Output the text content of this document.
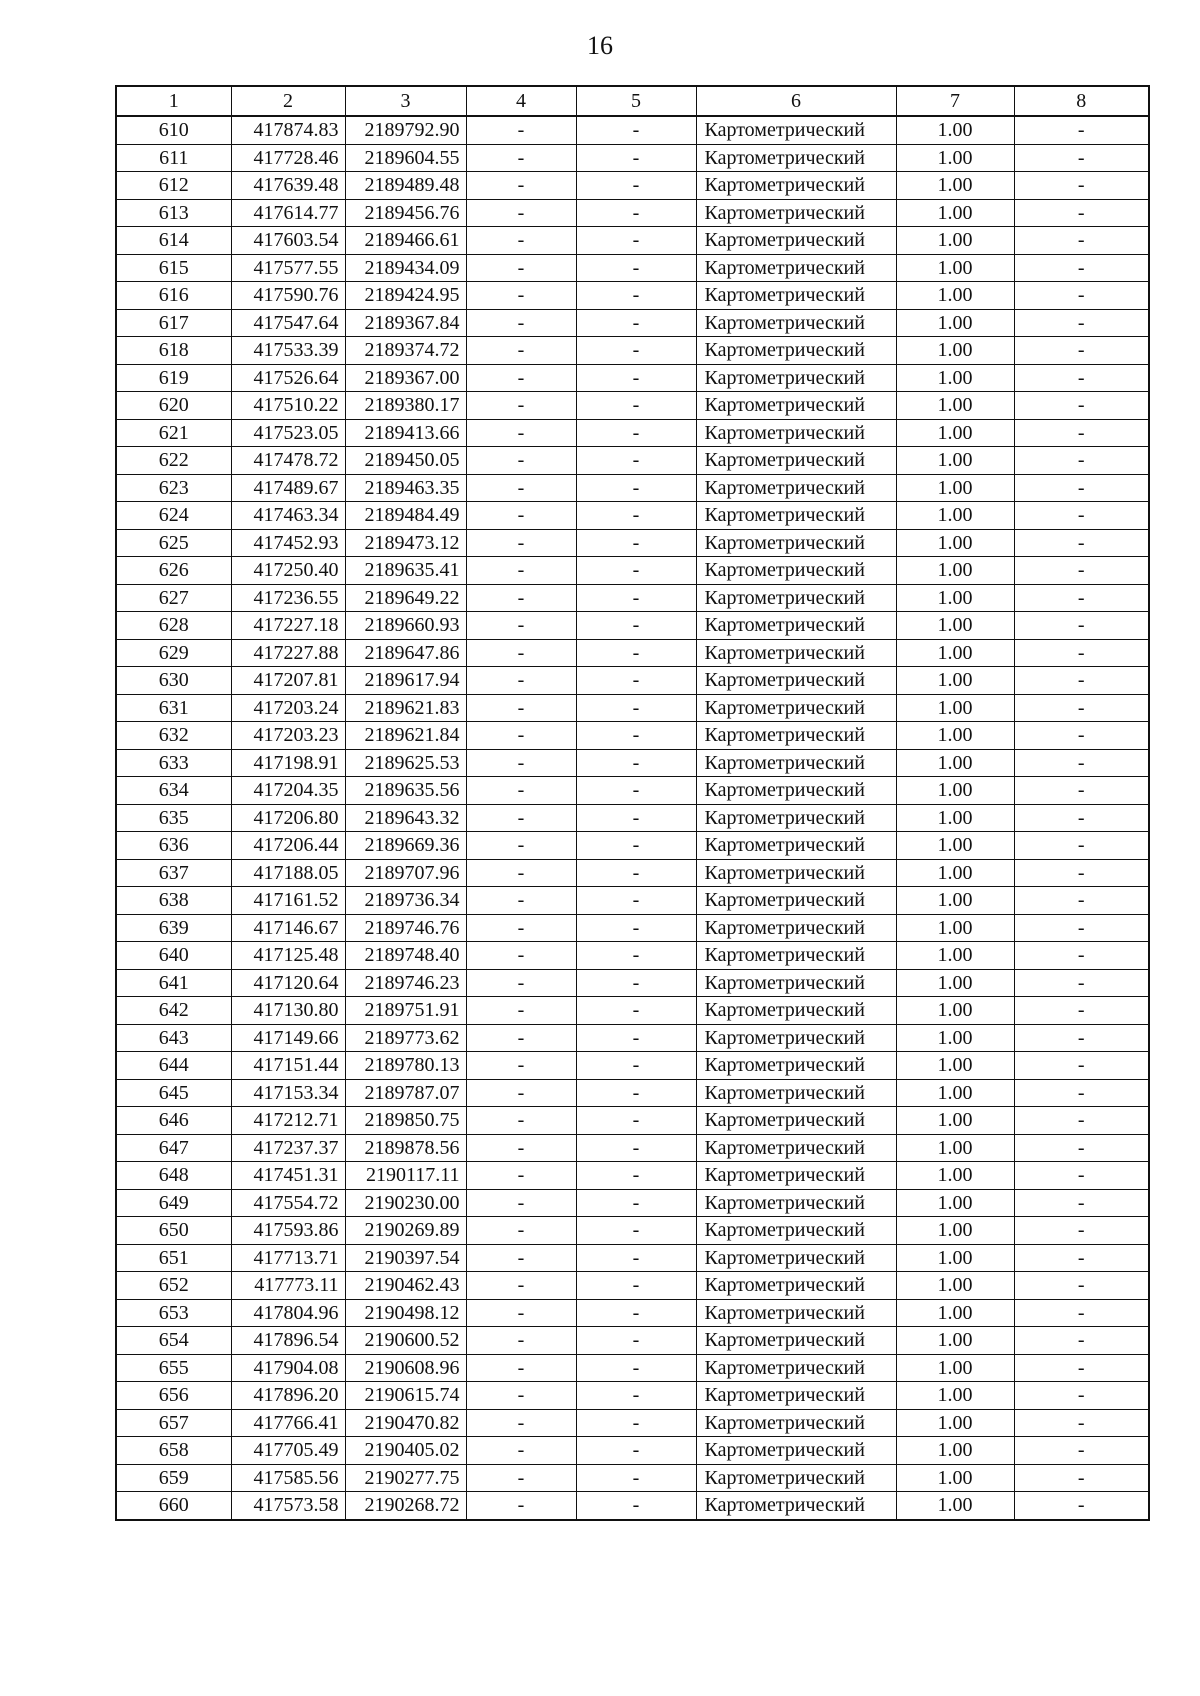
16
1	2	3	4	5	6	7	8
610	417874.83	2189792.90	-	-	Картометрический	1.00	-
611	417728.46	2189604.55	-	-	Картометрический	1.00	-
612	417639.48	2189489.48	-	-	Картометрический	1.00	-
613	417614.77	2189456.76	-	-	Картометрический	1.00	-
614	417603.54	2189466.61	-	-	Картометрический	1.00	-
615	417577.55	2189434.09	-	-	Картометрический	1.00	-
616	417590.76	2189424.95	-	-	Картометрический	1.00	-
617	417547.64	2189367.84	-	-	Картометрический	1.00	-
618	417533.39	2189374.72	-	-	Картометрический	1.00	-
619	417526.64	2189367.00	-	-	Картометрический	1.00	-
620	417510.22	2189380.17	-	-	Картометрический	1.00	-
621	417523.05	2189413.66	-	-	Картометрический	1.00	-
622	417478.72	2189450.05	-	-	Картометрический	1.00	-
623	417489.67	2189463.35	-	-	Картометрический	1.00	-
624	417463.34	2189484.49	-	-	Картометрический	1.00	-
625	417452.93	2189473.12	-	-	Картометрический	1.00	-
626	417250.40	2189635.41	-	-	Картометрический	1.00	-
627	417236.55	2189649.22	-	-	Картометрический	1.00	-
628	417227.18	2189660.93	-	-	Картометрический	1.00	-
629	417227.88	2189647.86	-	-	Картометрический	1.00	-
630	417207.81	2189617.94	-	-	Картометрический	1.00	-
631	417203.24	2189621.83	-	-	Картометрический	1.00	-
632	417203.23	2189621.84	-	-	Картометрический	1.00	-
633	417198.91	2189625.53	-	-	Картометрический	1.00	-
634	417204.35	2189635.56	-	-	Картометрический	1.00	-
635	417206.80	2189643.32	-	-	Картометрический	1.00	-
636	417206.44	2189669.36	-	-	Картометрический	1.00	-
637	417188.05	2189707.96	-	-	Картометрический	1.00	-
638	417161.52	2189736.34	-	-	Картометрический	1.00	-
639	417146.67	2189746.76	-	-	Картометрический	1.00	-
640	417125.48	2189748.40	-	-	Картометрический	1.00	-
641	417120.64	2189746.23	-	-	Картометрический	1.00	-
642	417130.80	2189751.91	-	-	Картометрический	1.00	-
643	417149.66	2189773.62	-	-	Картометрический	1.00	-
644	417151.44	2189780.13	-	-	Картометрический	1.00	-
645	417153.34	2189787.07	-	-	Картометрический	1.00	-
646	417212.71	2189850.75	-	-	Картометрический	1.00	-
647	417237.37	2189878.56	-	-	Картометрический	1.00	-
648	417451.31	2190117.11	-	-	Картометрический	1.00	-
649	417554.72	2190230.00	-	-	Картометрический	1.00	-
650	417593.86	2190269.89	-	-	Картометрический	1.00	-
651	417713.71	2190397.54	-	-	Картометрический	1.00	-
652	417773.11	2190462.43	-	-	Картометрический	1.00	-
653	417804.96	2190498.12	-	-	Картометрический	1.00	-
654	417896.54	2190600.52	-	-	Картометрический	1.00	-
655	417904.08	2190608.96	-	-	Картометрический	1.00	-
656	417896.20	2190615.74	-	-	Картометрический	1.00	-
657	417766.41	2190470.82	-	-	Картометрический	1.00	-
658	417705.49	2190405.02	-	-	Картометрический	1.00	-
659	417585.56	2190277.75	-	-	Картометрический	1.00	-
660	417573.58	2190268.72	-	-	Картометрический	1.00	-
